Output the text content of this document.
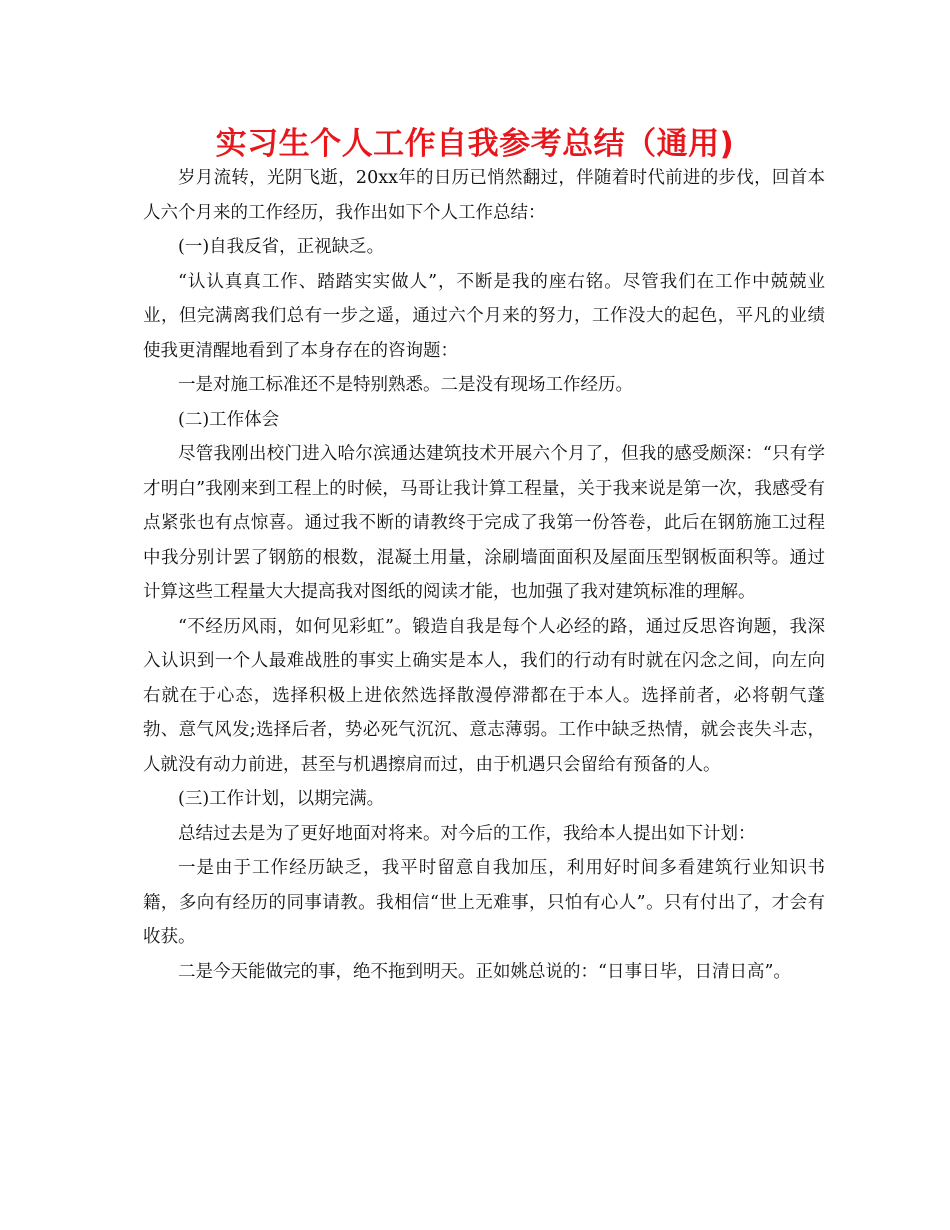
实习生个人工作自我参考总结（通用)

岁月流转，光阴飞逝，20xx年的日历已悄然翻过，伴随着时代前进的步伐，回首本人六个月来的工作经历，我作出如下个人工作总结：

(一)自我反省，正视缺乏。

“认认真真工作、踏踏实实做人”，不断是我的座右铭。尽管我们在工作中兢兢业业，但完满离我们总有一步之遥，通过六个月来的努力，工作没大的起色，平凡的业绩使我更清醒地看到了本身存在的咨询题：

一是对施工标准还不是特别熟悉。二是没有现场工作经历。

(二)工作体会

尽管我刚出校门进入哈尔滨通达建筑技术开展六个月了，但我的感受颇深：“只有学才明白”我刚来到工程上的时候，马哥让我计算工程量，关于我来说是第一次，我感受有点紧张也有点惊喜。通过我不断的请教终于完成了我第一份答卷，此后在钢筋施工过程中我分别计罢了钢筋的根数，混凝土用量，涂刷墙面面积及屋面压型钢板面积等。通过计算这些工程量大大提高我对图纸的阅读才能，也加强了我对建筑标准的理解。

“不经历风雨，如何见彩虹”。锻造自我是每个人必经的路，通过反思咨询题，我深入认识到一个人最难战胜的事实上确实是本人，我们的行动有时就在闪念之间，向左向右就在于心态，选择积极上进依然选择散漫停滞都在于本人。选择前者，必将朝气蓬勃、意气风发;选择后者，势必死气沉沉、意志薄弱。工作中缺乏热情，就会丧失斗志，人就没有动力前进，甚至与机遇擦肩而过，由于机遇只会留给有预备的人。

(三)工作计划，以期完满。

总结过去是为了更好地面对将来。对今后的工作，我给本人提出如下计划：

一是由于工作经历缺乏，我平时留意自我加压，利用好时间多看建筑行业知识书籍，多向有经历的同事请教。我相信“世上无难事，只怕有心人”。只有付出了，才会有收获。

二是今天能做完的事，绝不拖到明天。正如姚总说的：“日事日毕，日清日高”。
